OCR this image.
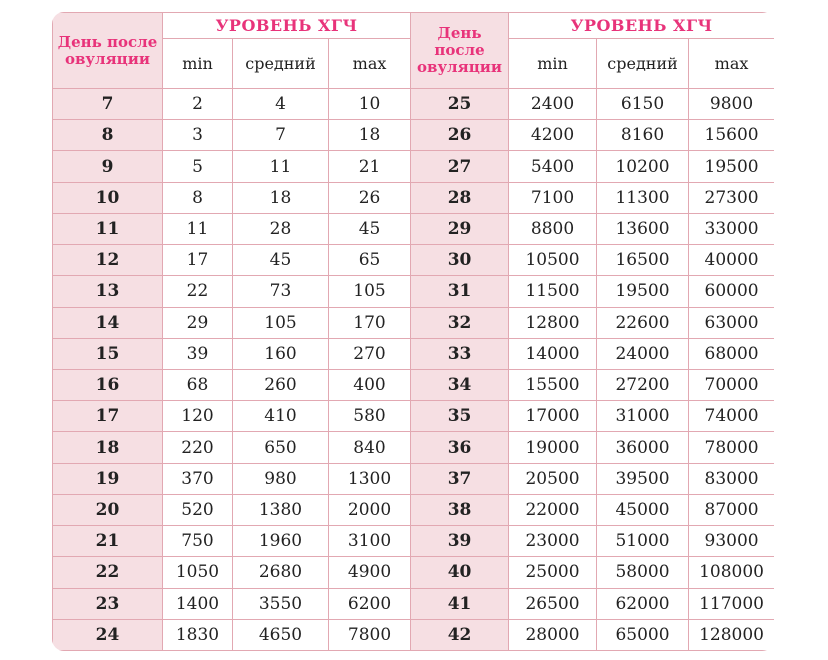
День после овуляции	УРОВЕНЬ ХГЧ			День после овуляции	УРОВЕНЬ ХГЧ		
	min	средний	max		min	средний	max
7	2	4	10	25	2400	6150	9800
8	3	7	18	26	4200	8160	15600
9	5	11	21	27	5400	10200	19500
10	8	18	26	28	7100	11300	27300
11	11	28	45	29	8800	13600	33000
12	17	45	65	30	10500	16500	40000
13	22	73	105	31	11500	19500	60000
14	29	105	170	32	12800	22600	63000
15	39	160	270	33	14000	24000	68000
16	68	260	400	34	15500	27200	70000
17	120	410	580	35	17000	31000	74000
18	220	650	840	36	19000	36000	78000
19	370	980	1300	37	20500	39500	83000
20	520	1380	2000	38	22000	45000	87000
21	750	1960	3100	39	23000	51000	93000
22	1050	2680	4900	40	25000	58000	108000
23	1400	3550	6200	41	26500	62000	117000
24	1830	4650	7800	42	28000	65000	128000
